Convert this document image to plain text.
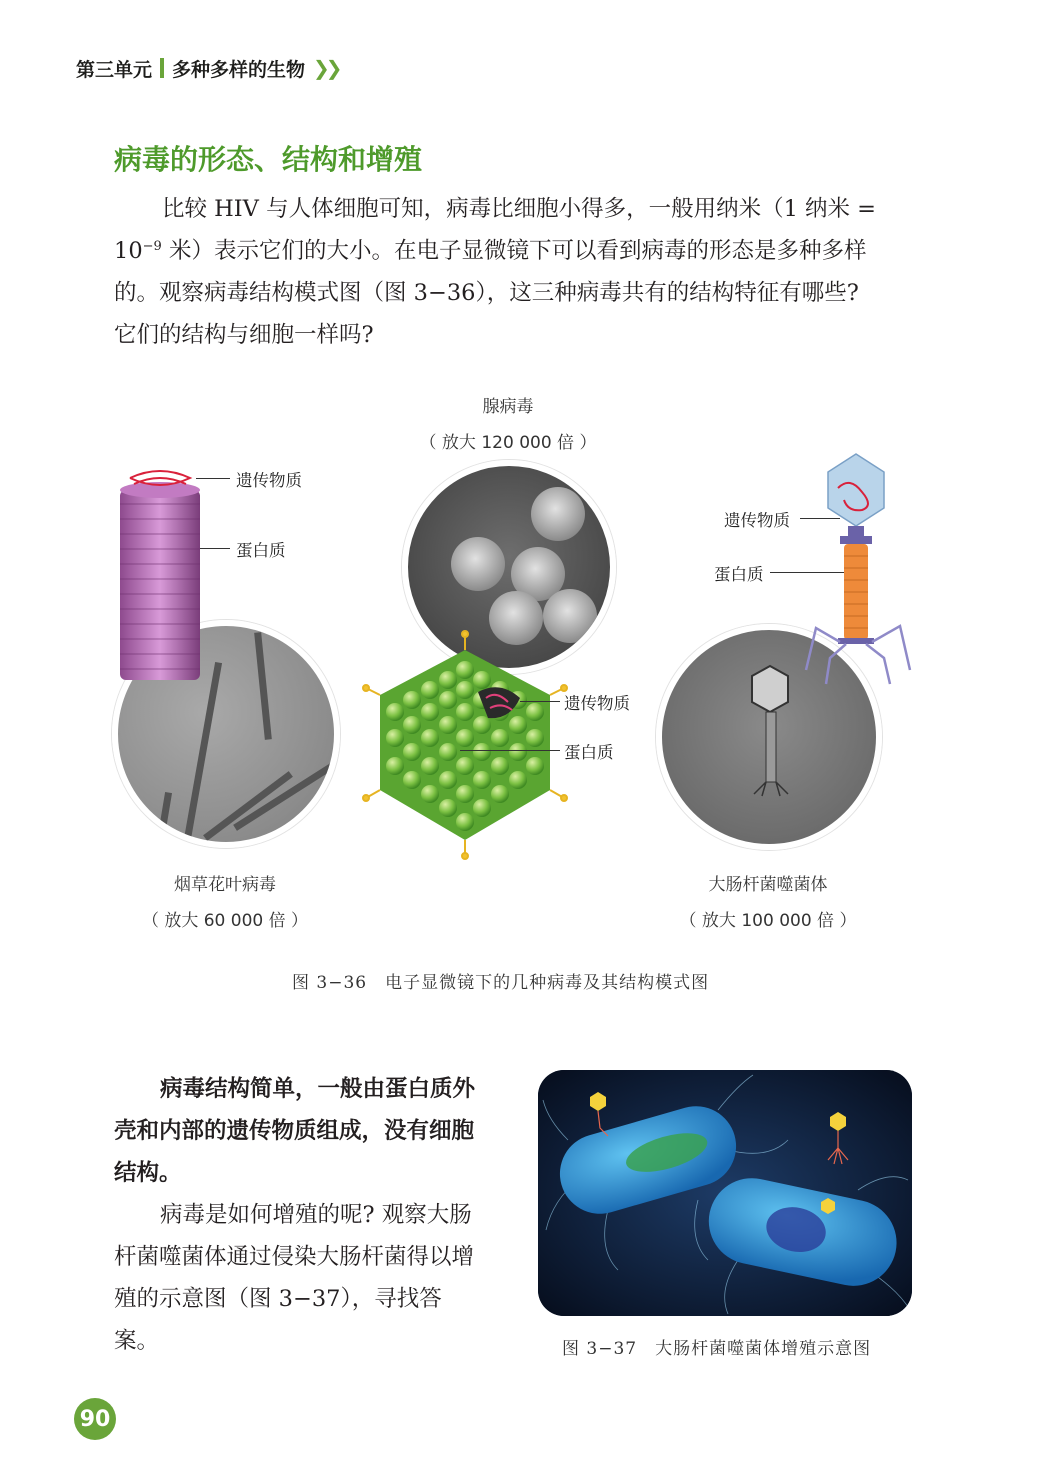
第三单元 多种多样的生物 ❯❯
病毒的形态、结构和增殖
比较 HIV 与人体细胞可知，病毒比细胞小得多，一般用纳米（1 纳米 =
$10^{-9}$ 米）表示它们的大小。在电子显微镜下可以看到病毒的形态是多种多样
的。观察病毒结构模式图（图 3−36），这三种病毒共有的结构特征有哪些?
它们的结构与细胞一样吗?
腺病毒
（ 放大 120 000 倍 ）
遗传物质
蛋白质
遗传物质
蛋白质
烟草花叶病毒
（ 放大 60 000 倍 ）
遗传物质
蛋白质
大肠杆菌噬菌体
（ 放大 100 000 倍 ）
图 3−36　电子显微镜下的几种病毒及其结构模式图
病毒结构简单，一般由蛋白质外壳和内部的遗传物质组成，没有细胞结构。
病毒是如何增殖的呢? 观察大肠杆菌噬菌体通过侵染大肠杆菌得以增殖的示意图（图 3−37），寻找答案。	图 3−37　大肠杆菌噬菌体增殖示意图
90
